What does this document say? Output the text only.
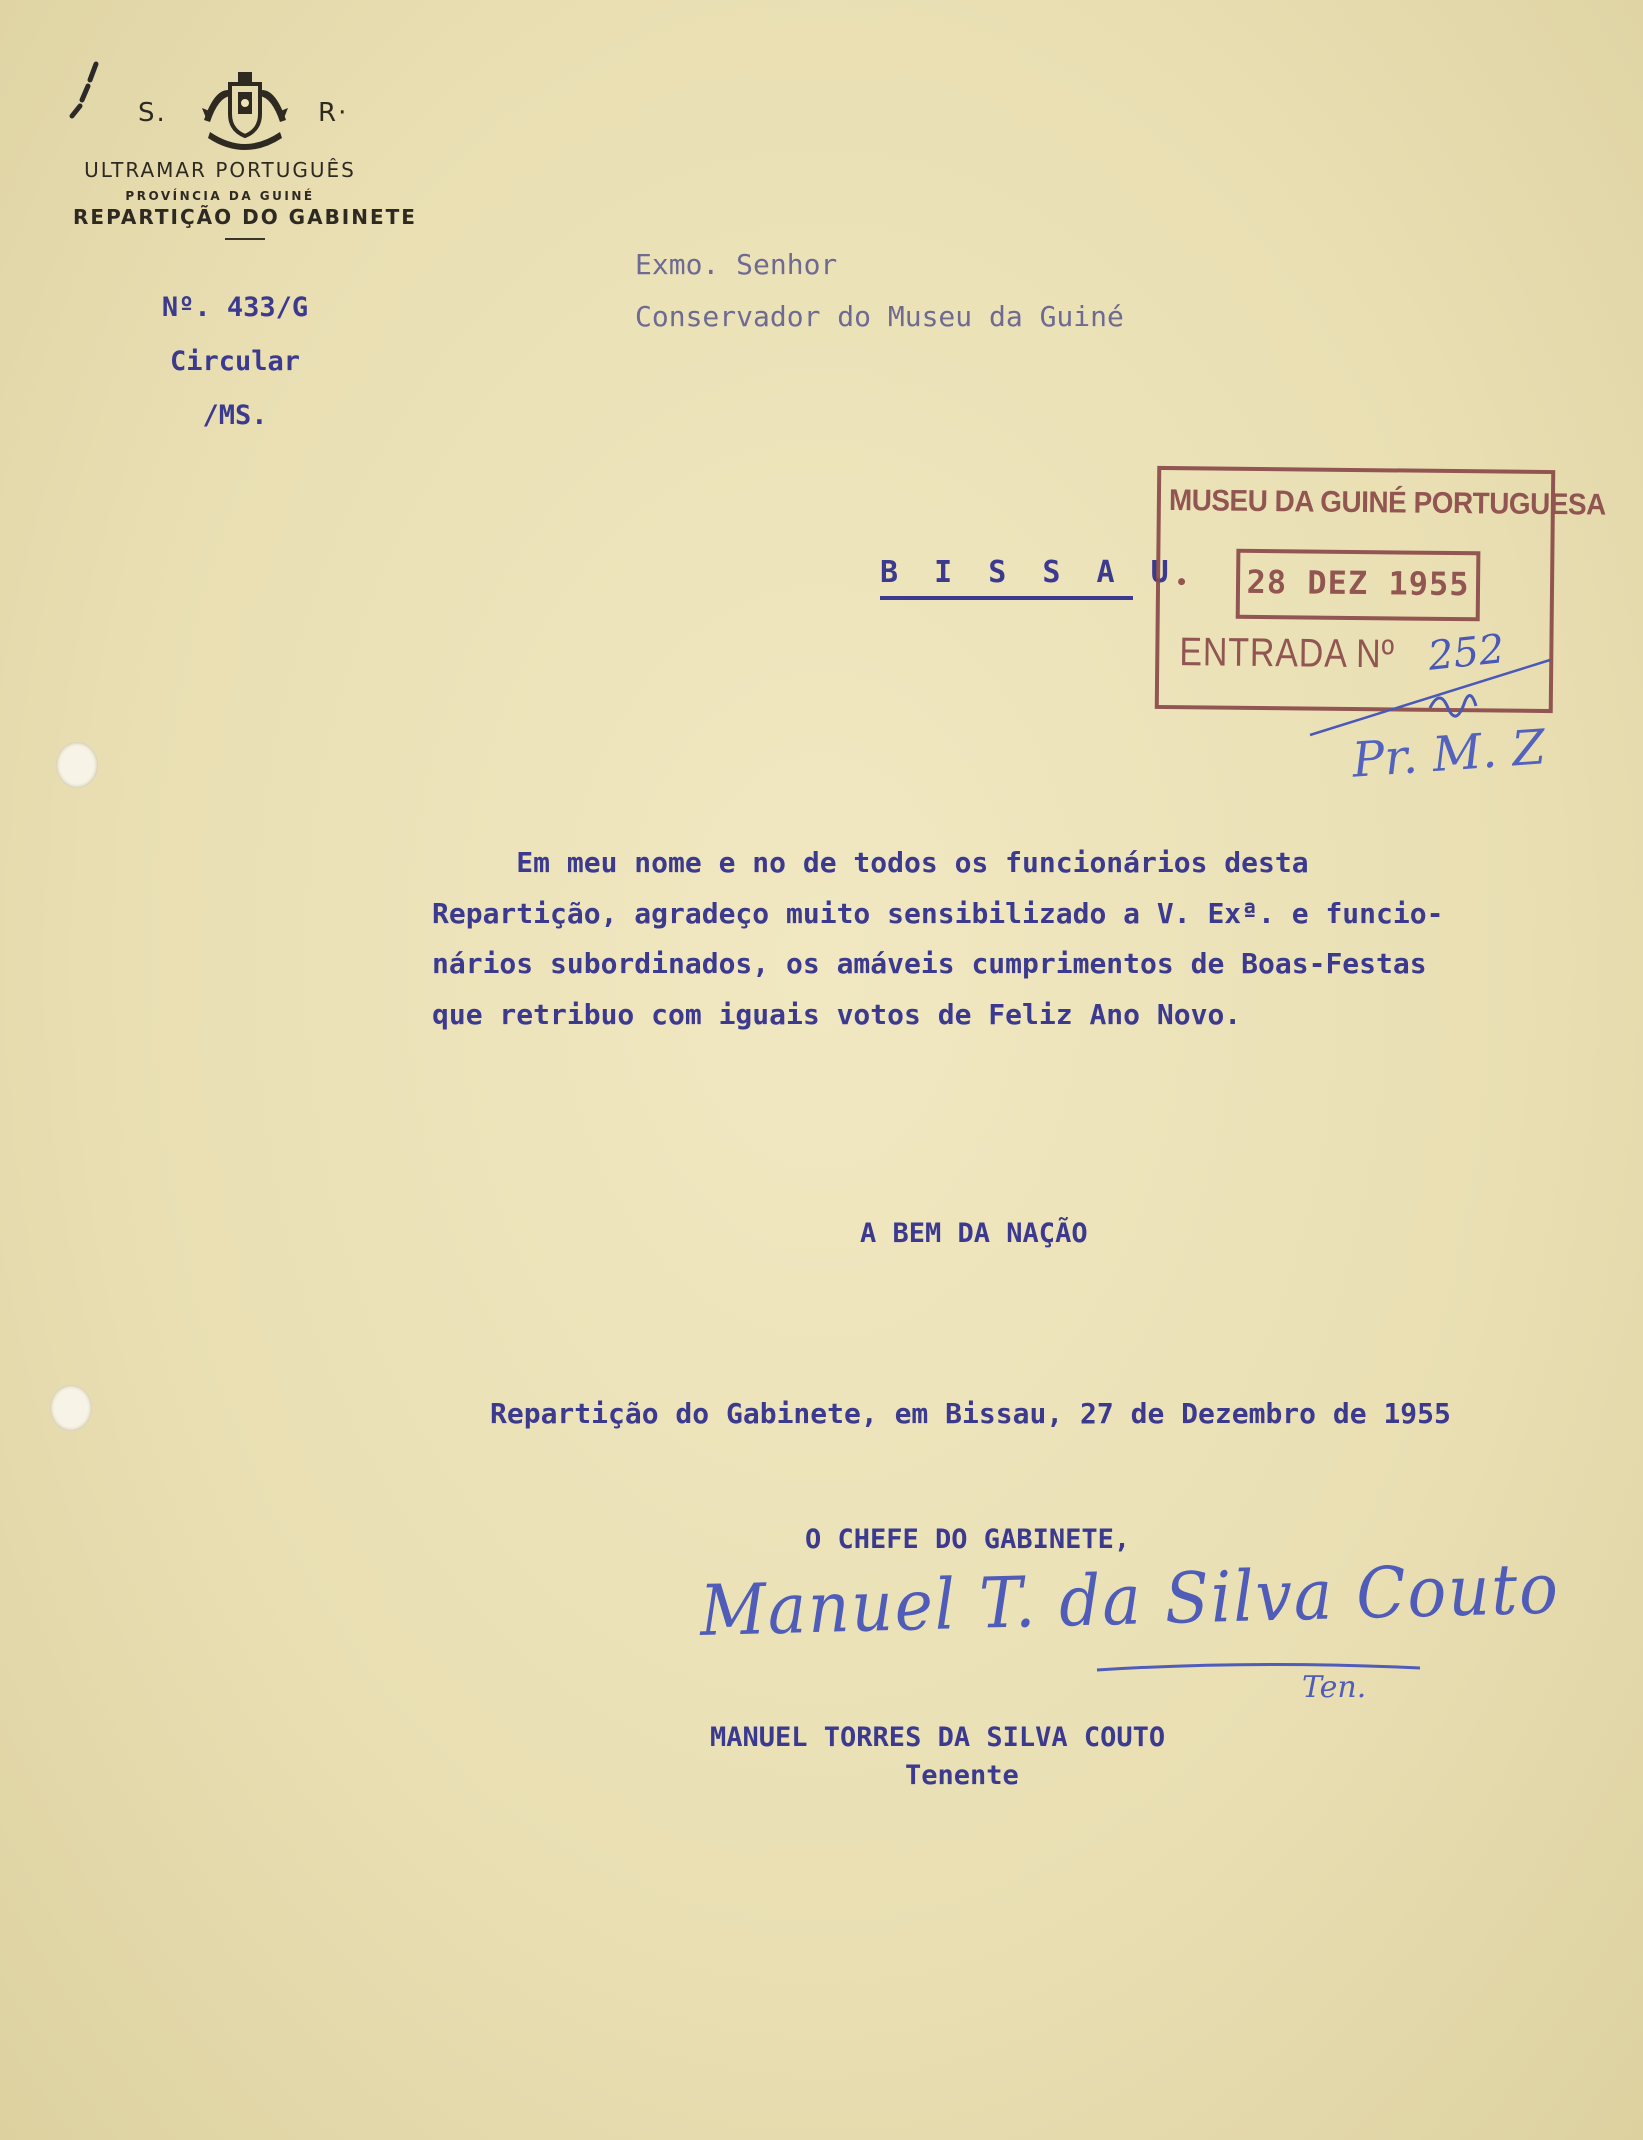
S.	R·
ULTRAMAR PORTUGUÊS
PROVÍNCIA DA GUINÉ
REPARTIÇÃO DO GABINETE
Nº. 433/G
Circular
/MS.
Exmo. Senhor
Conservador do Museu da Guiné
B I S S A U
MUSEU DA GUINÉ PORTUGUESA
28 DEZ 1955
ENTRADA Nº 252
Pr. M. Z
Em meu nome e no de todos os funcionários desta
Repartição, agradeço muito sensibilizado a V. Exª. e funcio-
nários subordinados, os amáveis cumprimentos de Boas-Festas
que retribuo com iguais votos de Feliz Ano Novo.
A BEM DA NAÇÃO
Repartição do Gabinete, em Bissau, 27 de Dezembro de 1955
O CHEFE DO GABINETE,
Manuel T. da Silva Couto
Ten.
MANUEL TORRES DA SILVA COUTO
Tenente
